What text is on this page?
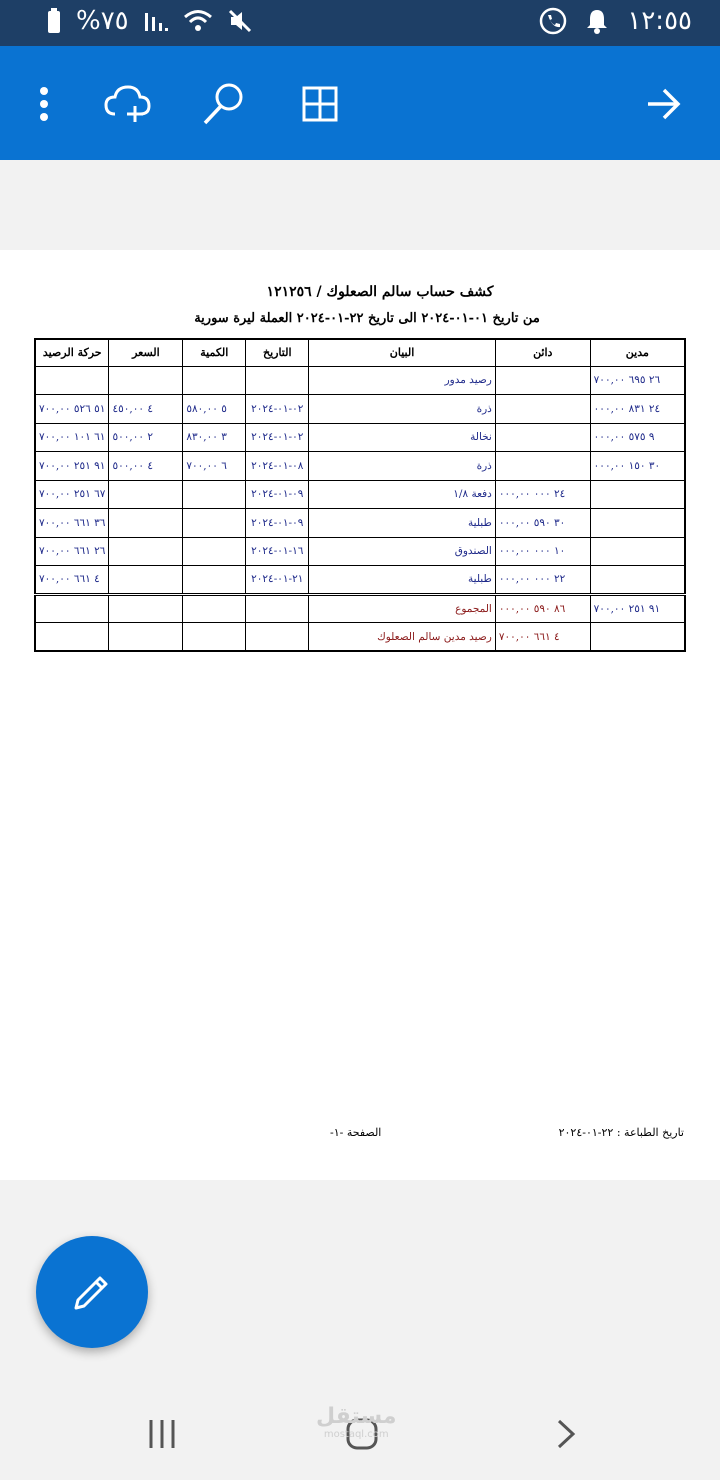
%٧٥	١٢:٥٥
كشف حساب سالم الصعلوك / ١٢١٢٥٦
من تاريخ ٠١-٠١-٢٠٢٤ الى تاريخ ٢٢-٠١-٢٠٢٤ العملة ليرة سورية
مدين	دائن	البيان	التاريخ	الكمية	السعر	حركة الرصيد
٢٦ ٦٩٥ ٧٠٠,٠٠		رصيد مدور				
٢٤ ٨٣١ ٠٠٠,٠٠		ذرة	٠٢-٠١-٢٠٢٤	٥ ٥٨٠,٠٠	٤ ٤٥٠,٠٠	٥١ ٥٢٦ ٧٠٠,٠٠
٩ ٥٧٥ ٠٠٠,٠٠		نخالة	٠٢-٠١-٢٠٢٤	٣ ٨٣٠,٠٠	٢ ٥٠٠,٠٠	٦١ ١٠١ ٧٠٠,٠٠
٣٠ ١٥٠ ٠٠٠,٠٠		ذرة	٠٨-٠١-٢٠٢٤	٦ ٧٠٠,٠٠	٤ ٥٠٠,٠٠	٩١ ٢٥١ ٧٠٠,٠٠
	٢٤ ٠٠٠ ٠٠٠,٠٠	دفعة ١/٨	٠٩-٠١-٢٠٢٤			٦٧ ٢٥١ ٧٠٠,٠٠
	٣٠ ٥٩٠ ٠٠٠,٠٠	طبلية	٠٩-٠١-٢٠٢٤			٣٦ ٦٦١ ٧٠٠,٠٠
	١٠ ٠٠٠ ٠٠٠,٠٠	الصندوق	١٦-٠١-٢٠٢٤			٢٦ ٦٦١ ٧٠٠,٠٠
	٢٢ ٠٠٠ ٠٠٠,٠٠	طبلية	٢١-٠١-٢٠٢٤			٤ ٦٦١ ٧٠٠,٠٠
٩١ ٢٥١ ٧٠٠,٠٠	٨٦ ٥٩٠ ٠٠٠,٠٠	المجموع				
	٤ ٦٦١ ٧٠٠,٠٠	رصيد مدين سالم الصعلوك				
تاريخ الطباعة : ٢٢-٠١-٢٠٢٤
الصفحة -١-
مستقل
mostaql.com
